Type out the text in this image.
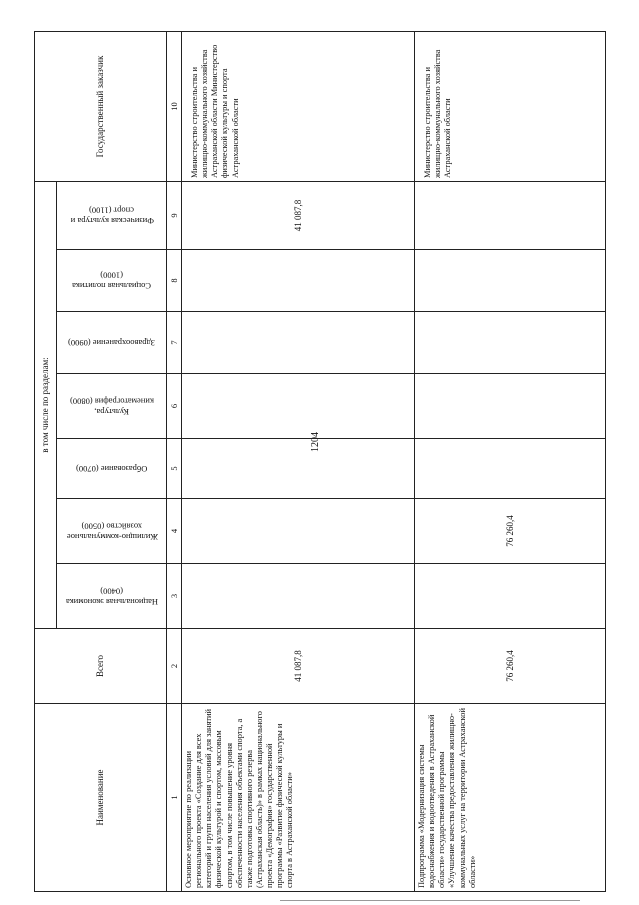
1204
Наименование	Всего	в том числе по разделам:							Государственный заказчик

		Национальная экономика (0400)	Жилищно-коммунальное хозяйство (0500)	Образование (0700)	Культура, кинематография (0800)	Здравоохранение (0900)	Социальная политика (1000)	Физическая культура и спорт (1100)	

1	2	3	4	5	6	7	8	9	10
Основное мероприятие по реализации регионального проекта «Создание для всех категорий и групп населения условий для занятий физической культурой и спортом, массовым спортом, в том числе повышение уровня обеспеченности населения объектами спорта, а также подготовка спортивного резерва (Астраханская область)» в рамках национального проекта «Демография» государственной программы «Развитие физической культуры и спорта в Астраханской области»	41 087,8							41 087,8	Министерство строительства и жилищно-коммунального хозяйства Астраханской области Министерство физической культуры и спорта Астраханской области
Подпрограмма «Модернизация системы водоснабжения и водоотведения в Астраханской области» государственной программы «Улучшение качества предоставления жилищно-коммунальных услуг на территории Астраханской области»	76 260,4		76 260,4						Министерство строительства и жилищно-коммунального хозяйства Астраханской области
